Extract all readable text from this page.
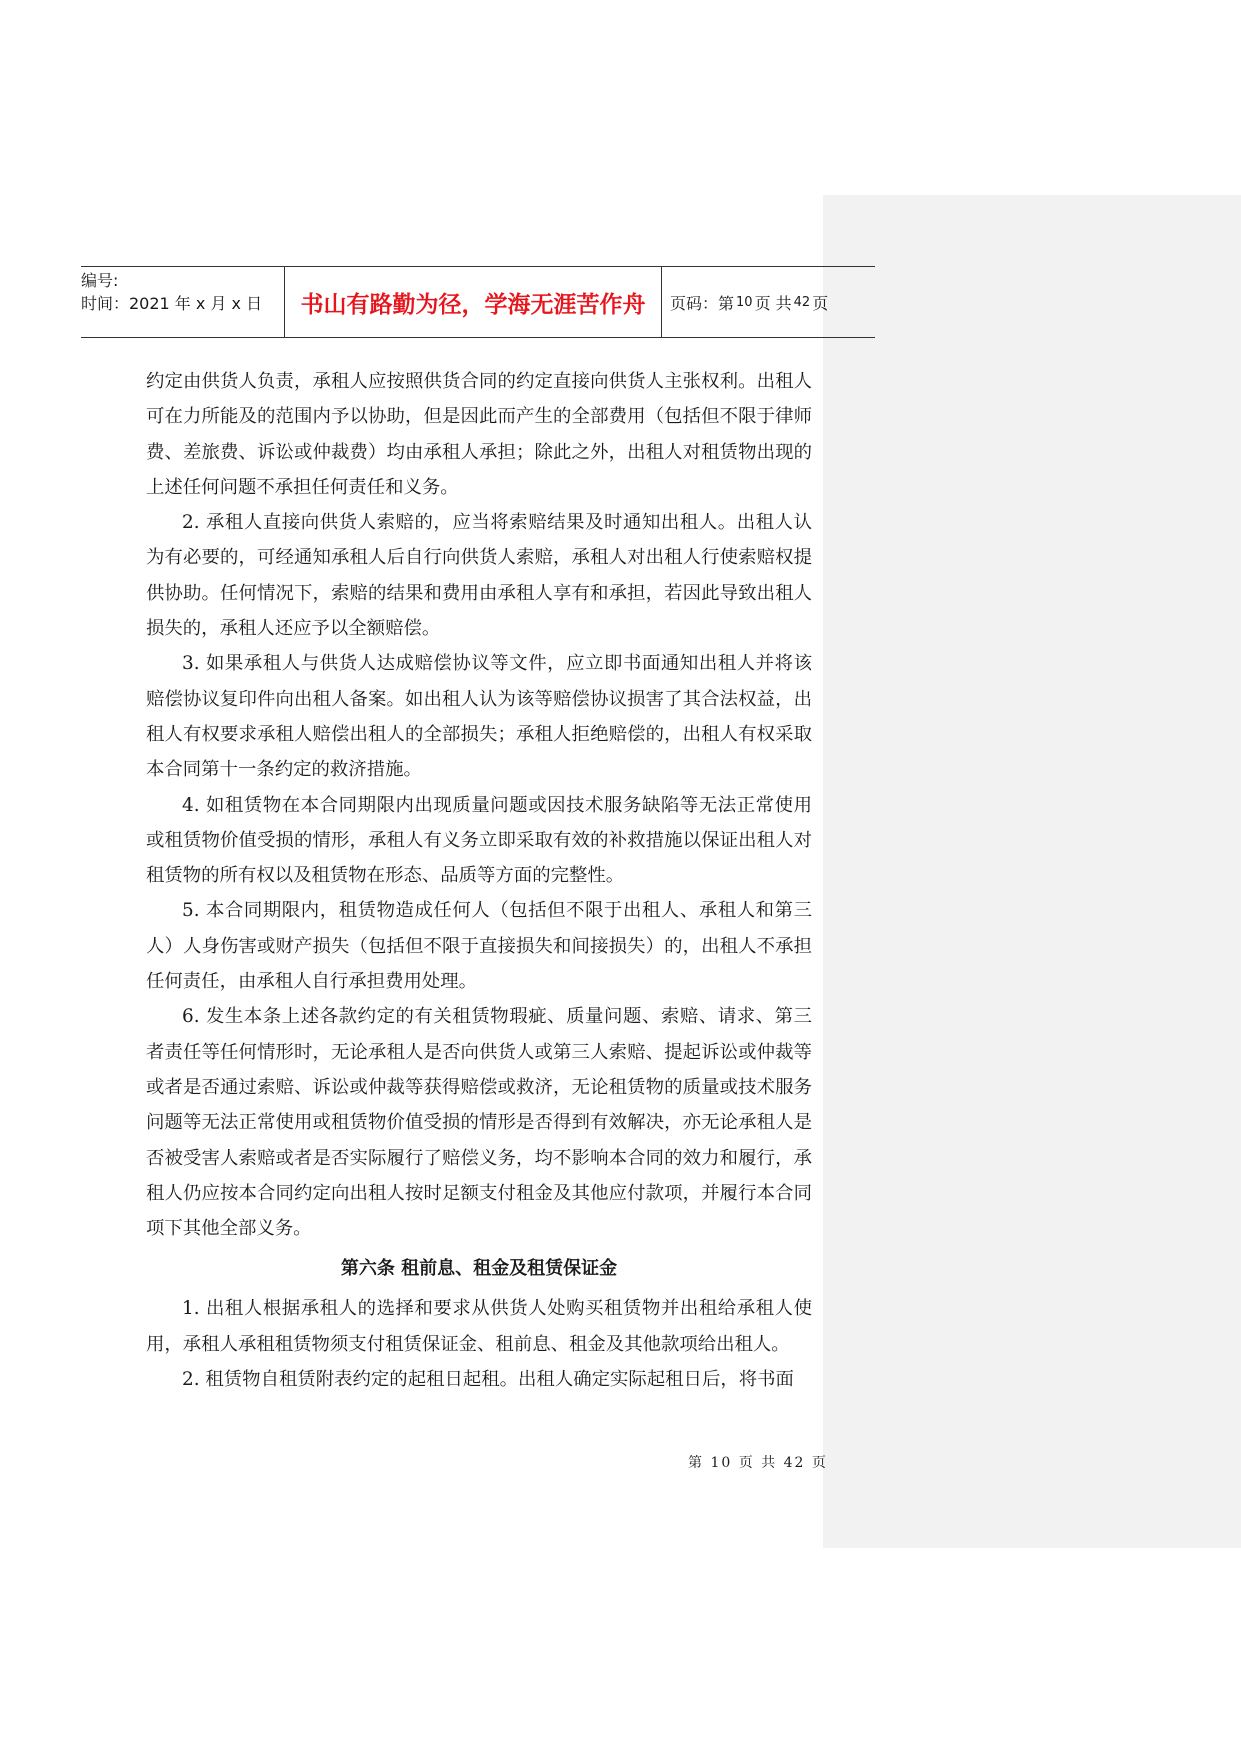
编号:
时间：2021 年 x 月 x 日	书山有路勤为径，学海无涯苦作舟	页码：第 10 页 共 42 页

约定由供货人负责，承租人应按照供货合同的约定直接向供货人主张权利。出租人可在力所能及的范围内予以协助，但是因此而产生的全部费用（包括但不限于律师费、差旅费、诉讼或仲裁费）均由承租人承担；除此之外，出租人对租赁物出现的上述任何问题不承担任何责任和义务。

2. 承租人直接向供货人索赔的，应当将索赔结果及时通知出租人。出租人认为有必要的，可经通知承租人后自行向供货人索赔，承租人对出租人行使索赔权提供协助。任何情况下，索赔的结果和费用由承租人享有和承担，若因此导致出租人损失的，承租人还应予以全额赔偿。

3. 如果承租人与供货人达成赔偿协议等文件，应立即书面通知出租人并将该赔偿协议复印件向出租人备案。如出租人认为该等赔偿协议损害了其合法权益，出租人有权要求承租人赔偿出租人的全部损失；承租人拒绝赔偿的，出租人有权采取本合同第十一条约定的救济措施。

4. 如租赁物在本合同期限内出现质量问题或因技术服务缺陷等无法正常使用或租赁物价值受损的情形，承租人有义务立即采取有效的补救措施以保证出租人对租赁物的所有权以及租赁物在形态、品质等方面的完整性。

5. 本合同期限内，租赁物造成任何人（包括但不限于出租人、承租人和第三人）人身伤害或财产损失（包括但不限于直接损失和间接损失）的，出租人不承担任何责任，由承租人自行承担费用处理。

6. 发生本条上述各款约定的有关租赁物瑕疵、质量问题、索赔、请求、第三者责任等任何情形时，无论承租人是否向供货人或第三人索赔、提起诉讼或仲裁等或者是否通过索赔、诉讼或仲裁等获得赔偿或救济，无论租赁物的质量或技术服务问题等无法正常使用或租赁物价值受损的情形是否得到有效解决，亦无论承租人是否被受害人索赔或者是否实际履行了赔偿义务，均不影响本合同的效力和履行，承租人仍应按本合同约定向出租人按时足额支付租金及其他应付款项，并履行本合同项下其他全部义务。

第六条 租前息、租金及租赁保证金

1. 出租人根据承租人的选择和要求从供货人处购买租赁物并出租给承租人使用，承租人承租租赁物须支付租赁保证金、租前息、租金及其他款项给出租人。

2. 租赁物自租赁附表约定的起租日起租。出租人确定实际起租日后，将书面

第 10 页 共 42 页
